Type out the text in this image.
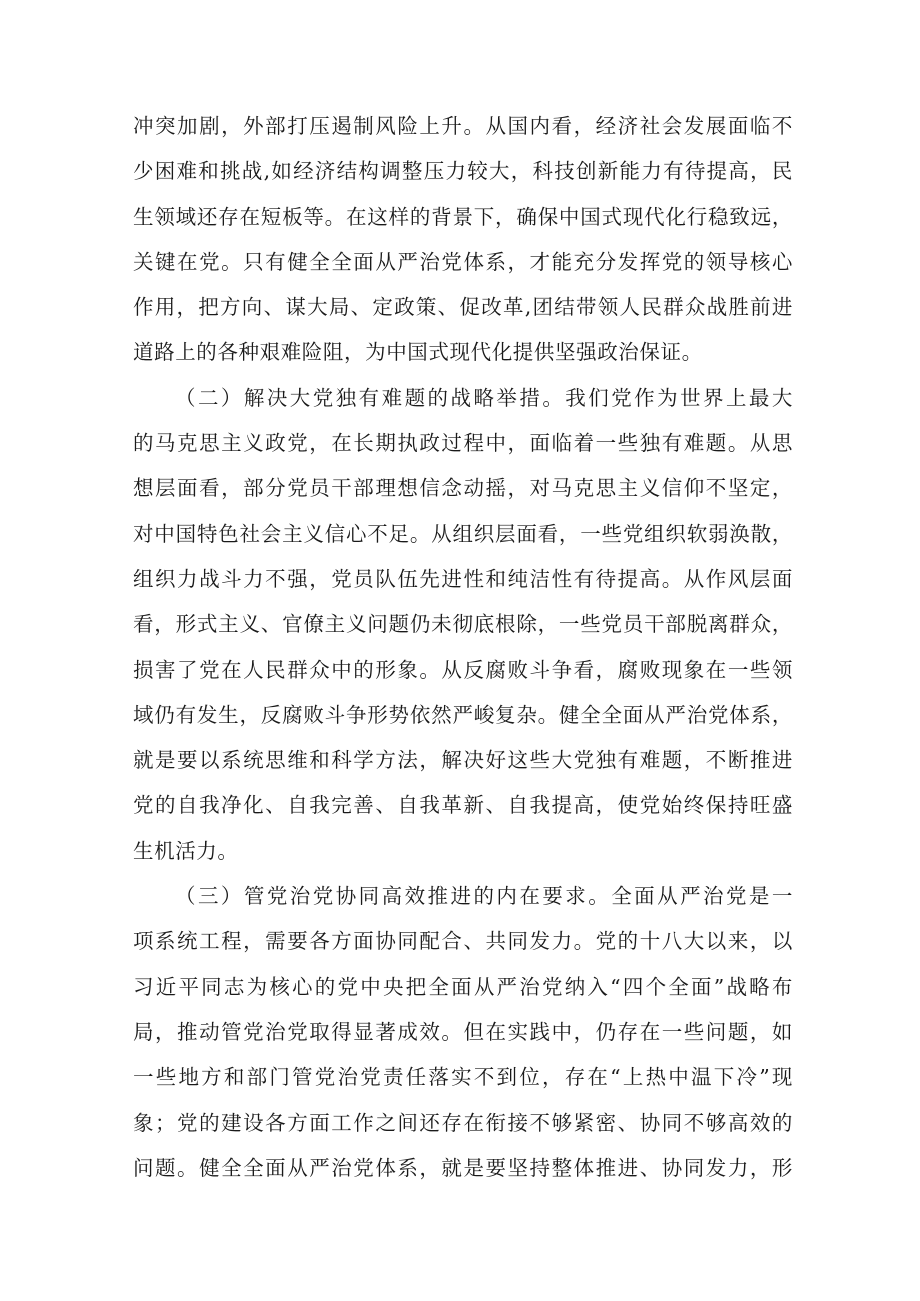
冲突加剧，外部打压遏制风险上升。从国内看，经济社会发展面临不
少困难和挑战,如经济结构调整压力较大，科技创新能力有待提高，民
生领域还存在短板等。在这样的背景下，确保中国式现代化行稳致远，
关键在党。只有健全全面从严治党体系，才能充分发挥党的领导核心
作用，把方向、谋大局、定政策、促改革,团结带领人民群众战胜前进
道路上的各种艰难险阻，为中国式现代化提供坚强政治保证。
（二）解决大党独有难题的战略举措。我们党作为世界上最大
的马克思主义政党，在长期执政过程中，面临着一些独有难题。从思
想层面看，部分党员干部理想信念动摇，对马克思主义信仰不坚定，
对中国特色社会主义信心不足。从组织层面看，一些党组织软弱涣散，
组织力战斗力不强，党员队伍先进性和纯洁性有待提高。从作风层面
看，形式主义、官僚主义问题仍未彻底根除，一些党员干部脱离群众，
损害了党在人民群众中的形象。从反腐败斗争看，腐败现象在一些领
域仍有发生，反腐败斗争形势依然严峻复杂。健全全面从严治党体系，
就是要以系统思维和科学方法，解决好这些大党独有难题，不断推进
党的自我净化、自我完善、自我革新、自我提高，使党始终保持旺盛
生机活力。
（三）管党治党协同高效推进的内在要求。全面从严治党是一
项系统工程，需要各方面协同配合、共同发力。党的十八大以来，以
习近平同志为核心的党中央把全面从严治党纳入“四个全面”战略布
局，推动管党治党取得显著成效。但在实践中，仍存在一些问题，如
一些地方和部门管党治党责任落实不到位，存在“上热中温下冷”现
象；党的建设各方面工作之间还存在衔接不够紧密、协同不够高效的
问题。健全全面从严治党体系，就是要坚持整体推进、协同发力，形
